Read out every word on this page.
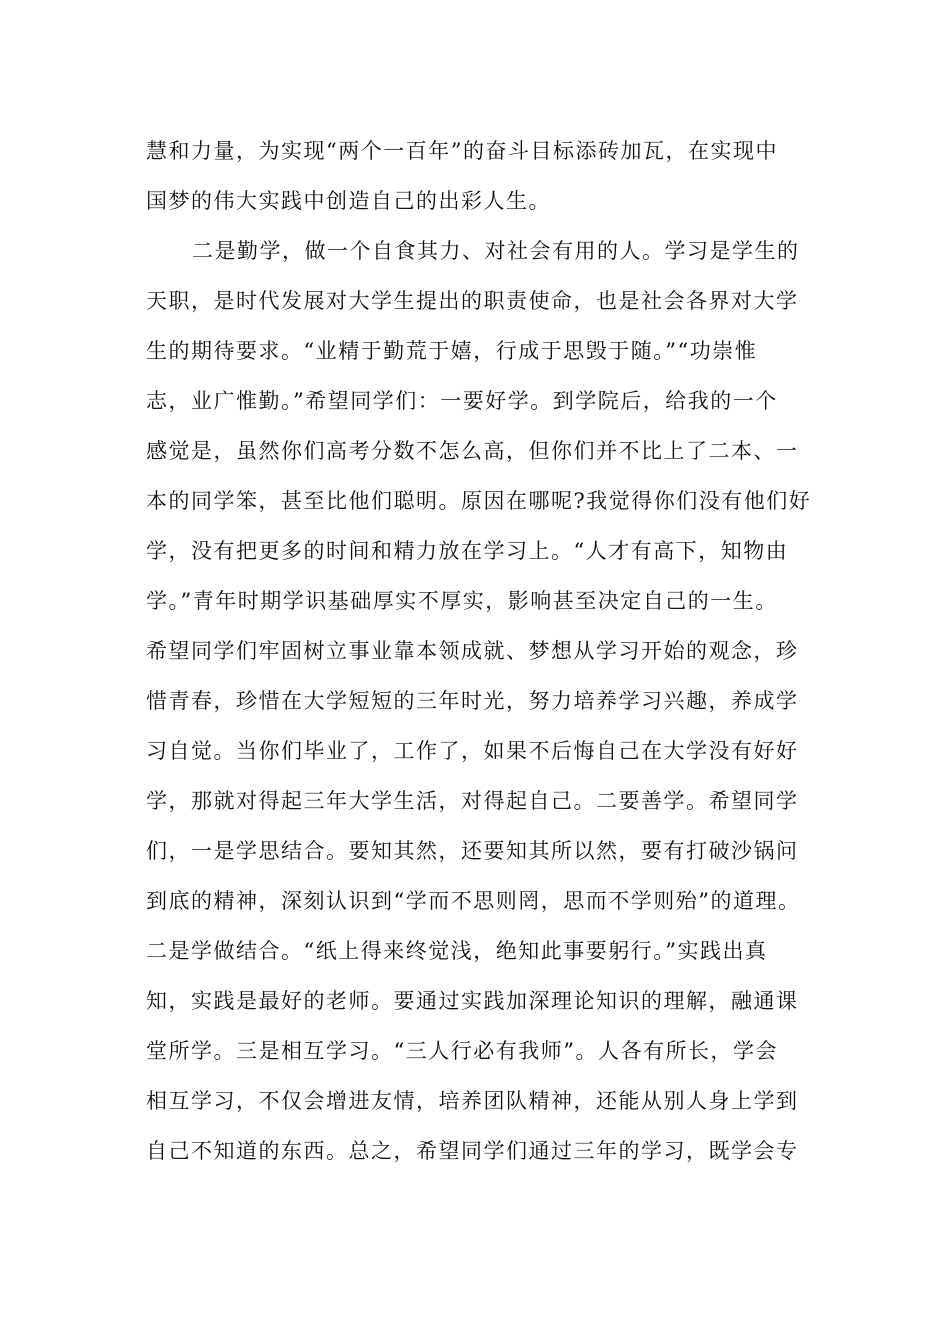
慧和力量，为实现“两个一百年”的奋斗目标添砖加瓦，在实现中
国梦的伟大实践中创造自己的出彩人生。
二是勤学，做一个自食其力、对社会有用的人。学习是学生的
天职，是时代发展对大学生提出的职责使命，也是社会各界对大学
生的期待要求。“业精于勤荒于嬉，行成于思毁于随。”“功崇惟
志，业广惟勤。”希望同学们：一要好学。到学院后，给我的一个
感觉是，虽然你们高考分数不怎么高，但你们并不比上了二本、一
本的同学笨，甚至比他们聪明。原因在哪呢?我觉得你们没有他们好
学，没有把更多的时间和精力放在学习上。“人才有高下，知物由
学。”青年时期学识基础厚实不厚实，影响甚至决定自己的一生。
希望同学们牢固树立事业靠本领成就、梦想从学习开始的观念，珍
惜青春，珍惜在大学短短的三年时光，努力培养学习兴趣，养成学
习自觉。当你们毕业了，工作了，如果不后悔自己在大学没有好好
学，那就对得起三年大学生活，对得起自己。二要善学。希望同学
们，一是学思结合。要知其然，还要知其所以然，要有打破沙锅问
到底的精神，深刻认识到“学而不思则罔，思而不学则殆”的道理。
二是学做结合。“纸上得来终觉浅，绝知此事要躬行。”实践出真
知，实践是最好的老师。要通过实践加深理论知识的理解，融通课
堂所学。三是相互学习。“三人行必有我师”。人各有所长，学会
相互学习，不仅会增进友情，培养团队精神，还能从别人身上学到
自己不知道的东西。总之，希望同学们通过三年的学习，既学会专
